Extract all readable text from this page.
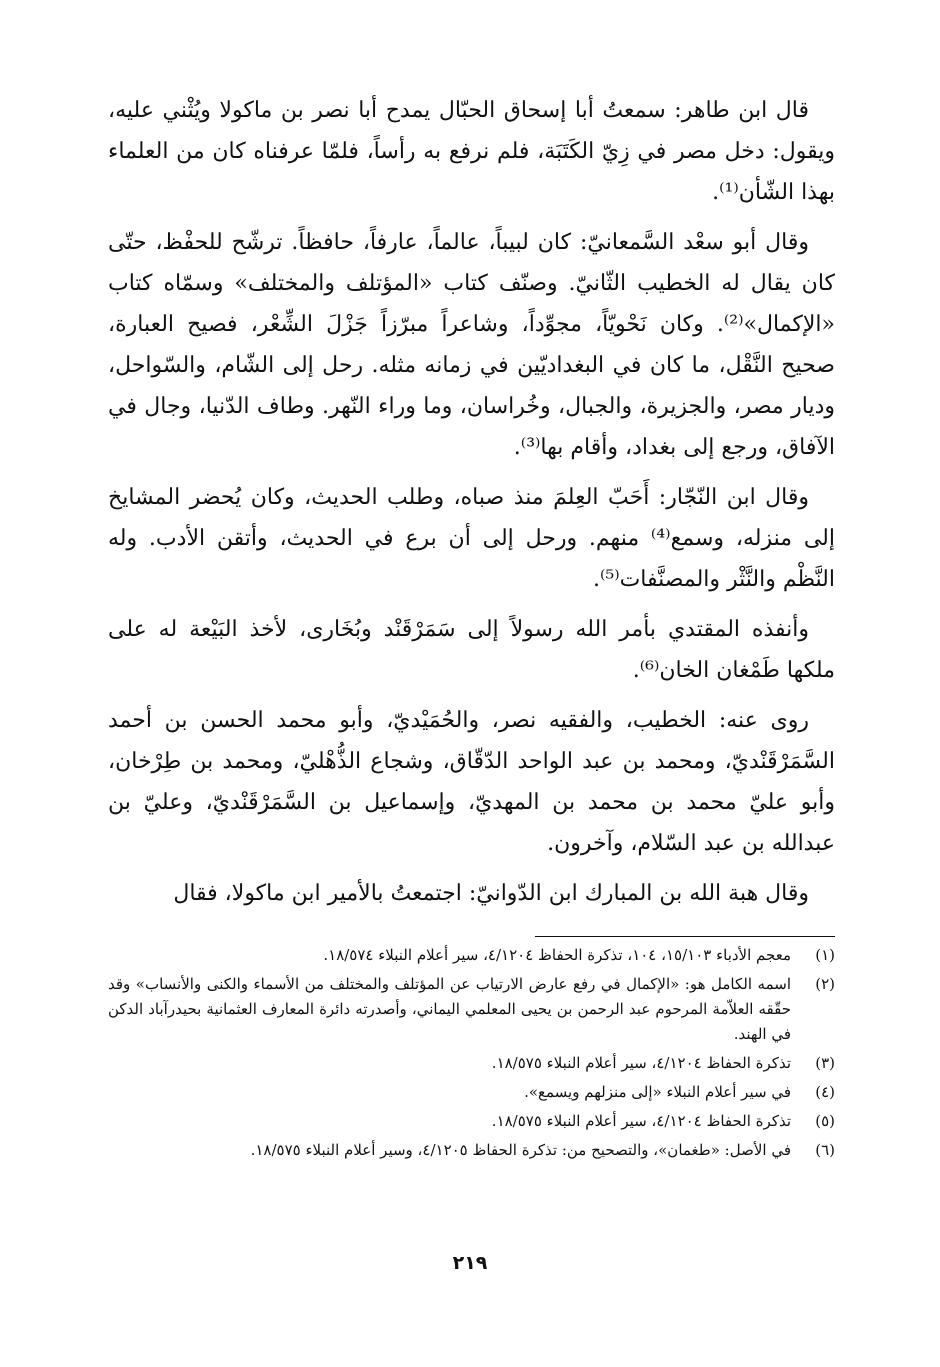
قال ابن طاهر: سمعتُ أبا إسحاق الحبّال يمدح أبا نصر بن ماكولا ويُثْني عليه، ويقول: دخل مصر في زِيّ الكَتَبَة، فلم نرفع به رأساً، فلمّا عرفناه كان من العلماء بهذا الشّأن⁽¹⁾.

وقال أبو سعْد السَّمعانيّ: كان لبيباً، عالماً، عارفاً، حافظاً. ترشّح للحفْظ، حتّى كان يقال له الخطيب الثّانيّ. وصنّف كتاب «المؤتلف والمختلف» وسمّاه كتاب «الإكمال»⁽²⁾. وكان نَحْويّاً، مجوِّداً، وشاعراً مبرّزاً جَزْلَ الشِّعْر، فصيح العبارة، صحيح النَّقْل، ما كان في البغداديّين في زمانه مثله. رحل إلى الشّام، والسّواحل، وديار مصر، والجزيرة، والجبال، وخُراسان، وما وراء النّهر. وطاف الدّنيا، وجال في الآفاق، ورجع إلى بغداد، وأقام بها⁽³⁾.

وقال ابن النّجّار: أَحَبّ العِلمَ منذ صباه، وطلب الحديث، وكان يُحضر المشايخ إلى منزله، وسمع⁽⁴⁾ منهم. ورحل إلى أن برع في الحديث، وأتقن الأدب. وله النَّظْم والنَّثْر والمصنَّفات⁽⁵⁾.

وأنفذه المقتدي بأمر الله رسولاً إلى سَمَرْقَنْد وبُخَارى، لأخذ البَيْعة له على ملكها طَمْغان الخان⁽⁶⁾.

روى عنه: الخطيب، والفقيه نصر، والحُمَيْديّ، وأبو محمد الحسن بن أحمد السَّمَرْقَنْديّ، ومحمد بن عبد الواحد الدّقّاق، وشجاع الذُّهْليّ، ومحمد بن طِرْخان، وأبو عليّ محمد بن محمد بن المهديّ، وإسماعيل بن السَّمَرْقَنْديّ، وعليّ بن عبدالله بن عبد السّلام، وآخرون.

وقال هبة الله بن المبارك ابن الدّوانيّ: اجتمعتُ بالأمير ابن ماكولا، فقال

(١)
معجم الأدباء ١٥/١٠٣، ١٠٤، تذكرة الحفاظ ٤/١٢٠٤، سير أعلام النبلاء ١٨/٥٧٤.
(٢)
اسمه الكامل هو: «الإكمال في رفع عارض الارتياب عن المؤتلف والمختلف من الأسماء والكنى والأنساب» وقد حقّقه العلاّمة المرحوم عبد الرحمن بن يحيى المعلمي اليماني، وأصدرته دائرة المعارف العثمانية بحيدرآباد الدكن في الهند.
(٣)
تذكرة الحفاظ ٤/١٢٠٤، سير أعلام النبلاء ١٨/٥٧٥.
(٤)
في سير أعلام النبلاء «إلى منزلهم ويسمع».
(٥)
تذكرة الحفاظ ٤/١٢٠٤، سير أعلام النبلاء ١٨/٥٧٥.
(٦)
في الأصل: «طغمان»، والتصحيح من: تذكرة الحفاظ ٤/١٢٠٥، وسير أعلام النبلاء ١٨/٥٧٥.
٢١٩
